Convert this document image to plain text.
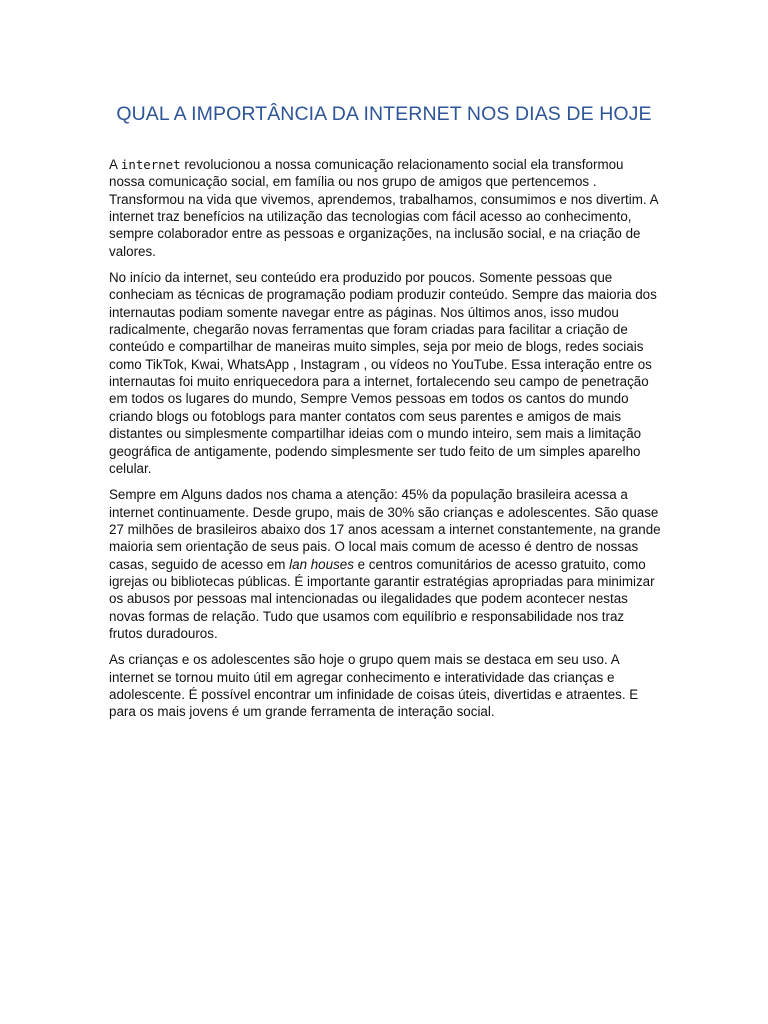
QUAL A IMPORTÂNCIA DA INTERNET NOS DIAS DE HOJE

A internet revolucionou a nossa comunicação relacionamento social ela transformou nossa comunicação social, em família ou nos grupo de amigos que pertencemos . Transformou na vida que vivemos, aprendemos, trabalhamos, consumimos e nos divertim. A internet traz benefícios na utilização das tecnologias com fácil acesso ao conhecimento, sempre colaborador entre as pessoas e organizações, na inclusão social, e na criação de valores.

No início da internet, seu conteúdo era produzido por poucos. Somente pessoas que conheciam as técnicas de programação podiam produzir conteúdo. Sempre das maioria dos internautas podiam somente navegar entre as páginas. Nos últimos anos, isso mudou radicalmente, chegarão novas ferramentas que foram criadas para facilitar a criação de conteúdo e compartilhar de maneiras muito simples, seja por meio de blogs, redes sociais como TikTok, Kwai, WhatsApp , Instagram , ou vídeos no YouTube. Essa interação entre os internautas foi muito enriquecedora para a internet, fortalecendo seu campo de penetração em todos os lugares do mundo, Sempre Vemos pessoas em todos os cantos do mundo criando blogs ou fotoblogs para manter contatos com seus parentes e amigos de mais distantes ou simplesmente compartilhar ideias com o mundo inteiro, sem mais a limitação geográfica de antigamente, podendo simplesmente ser tudo feito de um simples aparelho celular.

Sempre em Alguns dados nos chama a atenção: 45% da população brasileira acessa a internet continuamente. Desde grupo, mais de 30% são crianças e adolescentes. São quase 27 milhões de brasileiros abaixo dos 17 anos acessam a internet constantemente, na grande maioria sem orientação de seus pais. O local mais comum de acesso é dentro de nossas casas, seguido de acesso em lan houses e centros comunitários de acesso gratuito, como igrejas ou bibliotecas públicas. É importante garantir estratégias apropriadas para minimizar os abusos por pessoas mal intencionadas ou ilegalidades que podem acontecer nestas novas formas de relação. Tudo que usamos com equilíbrio e responsabilidade nos traz frutos duradouros.

As crianças e os adolescentes são hoje o grupo quem mais se destaca em seu uso. A internet se tornou muito útil em agregar conhecimento e interatividade das crianças e adolescente. É possível encontrar um infinidade de coisas úteis, divertidas e atraentes. E para os mais jovens é um grande ferramenta de interação social.
